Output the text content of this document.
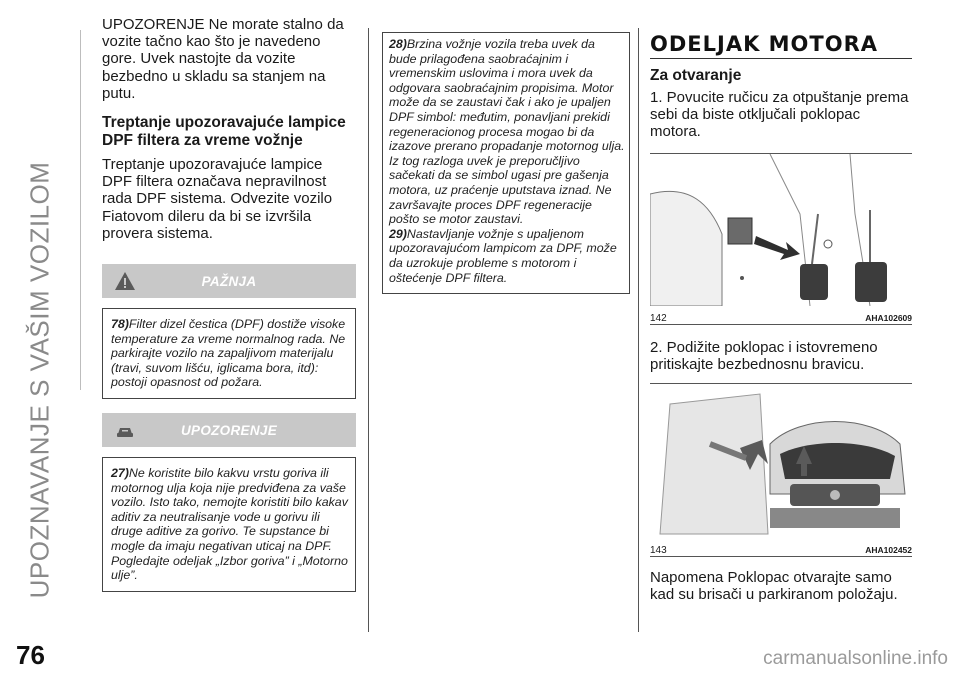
UPOZNAVANJE S VAŠIM VOZILOM

UPOZORENJE Ne morate stalno da vozite tačno kao što je navedeno gore. Uvek nastojte da vozite bezbedno u skladu sa stanjem na putu.

Treptanje upozoravajuće lampice DPF filtera za vreme vožnje

Treptanje upozoravajuće lampice DPF filtera označava nepravilnost rada DPF sistema. Odvezite vozilo Fiatovom dileru da bi se izvršila provera sistema.

PAŽNJA

78)Filter dizel čestica (DPF) dostiže visoke temperature za vreme normalnog rada. Ne parkirajte vozilo na zapaljivom materijalu (travi, suvom lišću, iglicama bora, itd): postoji opasnost od požara.

UPOZORENJE

27)Ne koristite bilo kakvu vrstu goriva ili motornog ulja koja nije predviđena za vaše vozilo. Isto tako, nemojte koristiti bilo kakav aditiv za neutralisanje vode u gorivu ili druge aditive za gorivo. Te supstance bi mogle da imaju negativan uticaj na DPF. Pogledajte odeljak „Izbor goriva” i „Motorno ulje”.

28)Brzina vožnje vozila treba uvek da bude prilagođena saobraćajnim i vremenskim uslovima i mora uvek da odgovara saobraćajnim propisima. Motor može da se zaustavi čak i ako je upaljen DPF simbol: međutim, ponavljani prekidi regeneracionog procesa mogao bi da izazove prerano propadanje motornog ulja. Iz tog razloga uvek je preporučljivo sačekati da se simbol ugasi pre gašenja motora, uz praćenje uputstava iznad. Ne završavajte proces DPF regeneracije pošto se motor zaustavi.

29)Nastavljanje vožnje s upaljenom upozoravajućom lampicom za DPF, može da uzrokuje probleme s motorom i oštećenje DPF filtera.

ODELJAK MOTORA

Za otvaranje

1. Povucite ručicu za otpuštanje prema sebi da biste otključali poklopac motora.

142	AHA102609

2. Podižite poklopac i istovremeno pritiskajte bezbednosnu bravicu.

143	AHA102452

Napomena Poklopac otvarajte samo kad su brisači u parkiranom položaju.

76	carmanualsonline.info
